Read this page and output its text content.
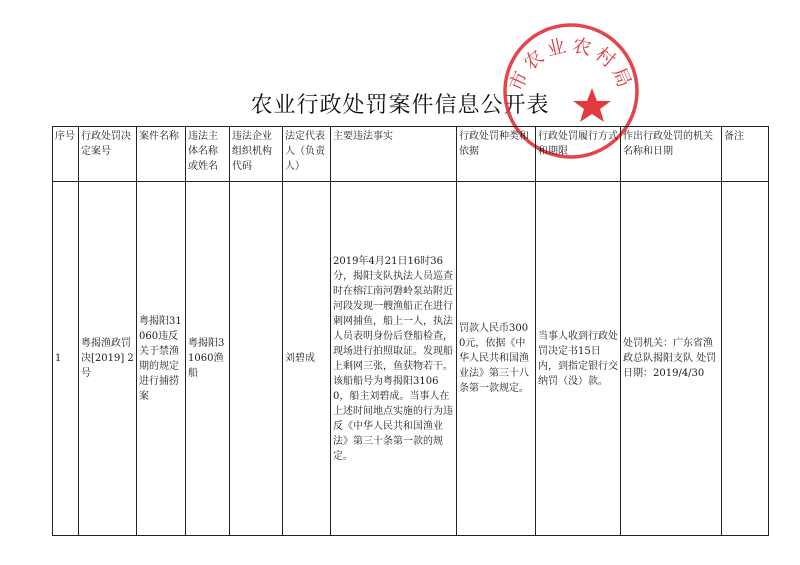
农业行政处罚案件信息公开表
市农业农村局
序号	行政处罚决定案号	案件名称	违法主体名称或姓名	违法企业组织机构代码	法定代表人（负责人）	主要违法事实	行政处罚种类和依据	行政处罚履行方式和期限	作出行政处罚的机关名称和日期	备注
1	粤揭渔政罚决[2019] 2 号	粤揭阳31060违反关于禁渔期的规定进行捕捞案	粤揭阳31060渔船		刘碧成	2019年4月21日16时36分，揭阳支队执法人员巡查时在榕江南河磐岭泵站附近河段发现一艘渔船正在进行刺网捕鱼，船上一人，执法人员表明身份后登船检查，现场进行拍照取证。发现船上剩网三张，鱼获物若干。该船船号为粤揭阳31060，船主刘碧成。当事人在上述时间地点实施的行为违反《中华人民共和国渔业法》第三十条第一款的规定。	罚款人民币3000元，依据《中华人民共和国渔业法》第三十八条第一款规定。	当事人收到行政处罚决定书15日内，到指定银行交纳罚（没）款。	处罚机关：广东省渔政总队揭阳支队 处罚日期：2019/4/30	
